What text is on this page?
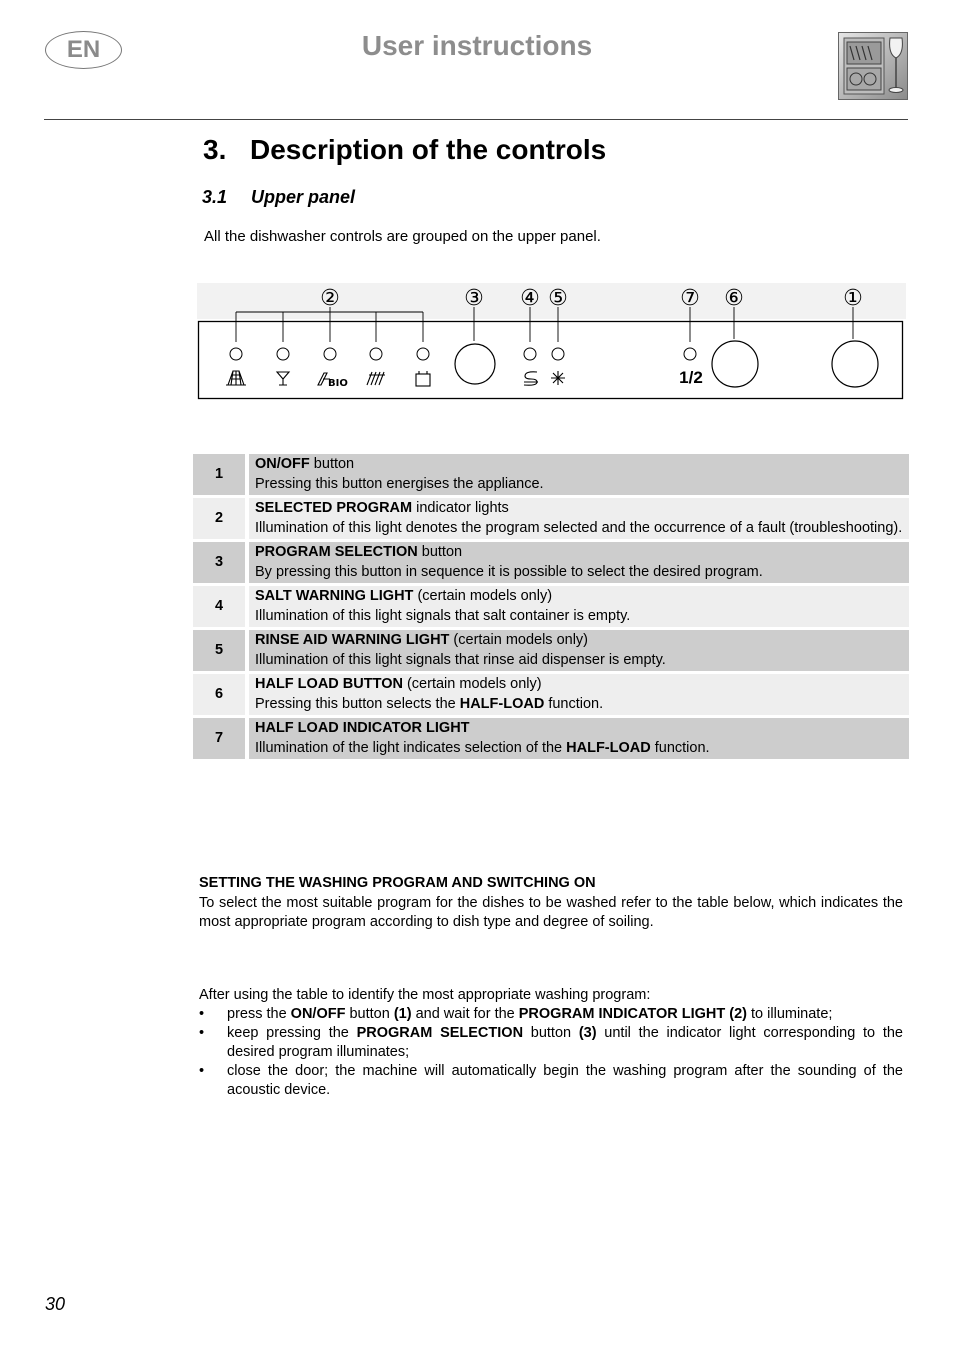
EN	User instructions
3. Description of the controls
3.1 Upper panel
All the dishwasher controls are grouped on the upper panel.
②	③ ④ ⑤	⑦ ⑥	①
BIO	1/2
1	ON/OFF button
Pressing this button energises the appliance.
2	SELECTED PROGRAM indicator lights
Illumination of this light denotes the program selected and the occurrence of a fault (troubleshooting).
3	PROGRAM SELECTION button
By pressing this button in sequence it is possible to select the desired program.
4	SALT WARNING LIGHT (certain models only)
Illumination of this light signals that salt container is empty.
5	RINSE AID WARNING LIGHT (certain models only)
Illumination of this light signals that rinse aid dispenser is empty.
6	HALF LOAD BUTTON (certain models only)
Pressing this button selects the HALF-LOAD function.
7	HALF LOAD INDICATOR LIGHT
Illumination of the light indicates selection of the HALF-LOAD function.
SETTING THE WASHING PROGRAM AND SWITCHING ON
To select the most suitable program for the dishes to be washed refer to the table below, which indicates the most appropriate program according to dish type and degree of soiling.
After using the table to identify the most appropriate washing program:
• press the ON/OFF button (1) and wait for the PROGRAM INDICATOR LIGHT (2) to illuminate;
• keep pressing the PROGRAM SELECTION button (3) until the indicator light corresponding to the desired program illuminates;
• close the door; the machine will automatically begin the washing program after the sounding of the acoustic device.
30
